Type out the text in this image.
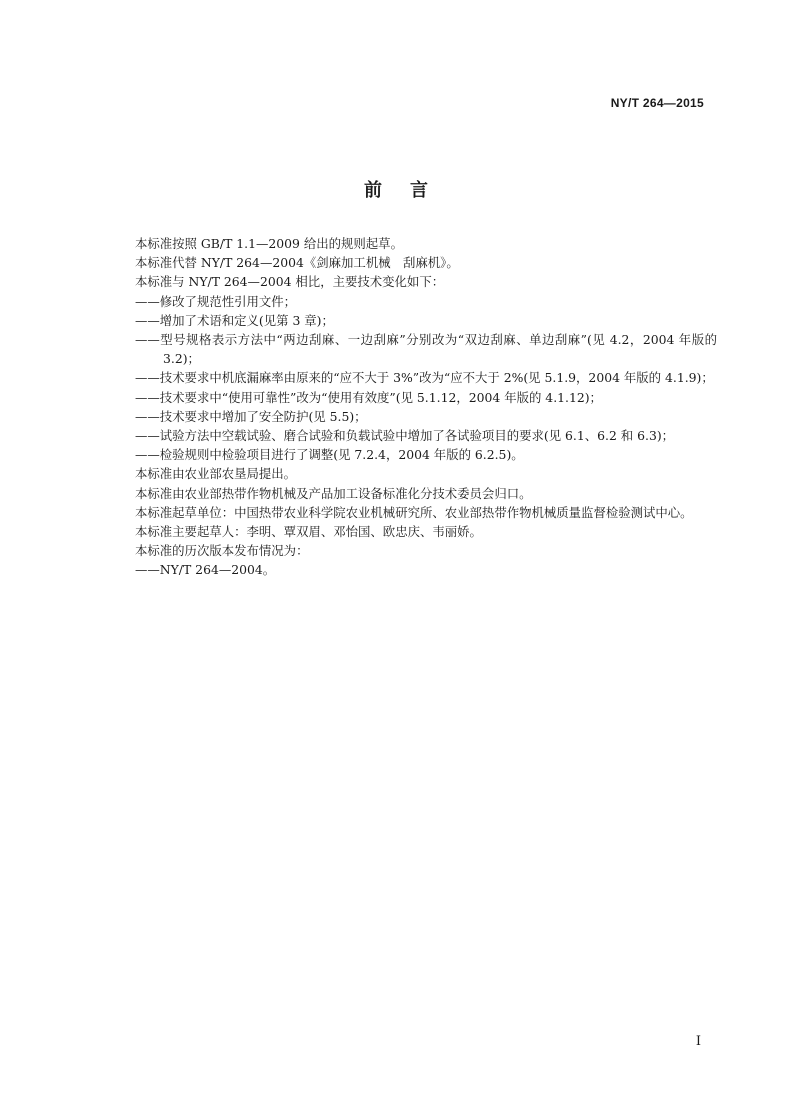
NY/T 264—2015
前言

本标准按照 GB/T 1.1—2009 给出的规则起草。

本标准代替 NY/T 264—2004《剑麻加工机械　刮麻机》。

本标准与 NY/T 264—2004 相比，主要技术变化如下：

——修改了规范性引用文件；

——增加了术语和定义(见第 3 章)；

——型号规格表示方法中“两边刮麻、一边刮麻”分别改为“双边刮麻、单边刮麻”(见 4.2，2004 年版的 3.2)；

——技术要求中机底漏麻率由原来的“应不大于 3%”改为“应不大于 2%(见 5.1.9，2004 年版的 4.1.9)；

——技术要求中“使用可靠性”改为“使用有效度”(见 5.1.12，2004 年版的 4.1.12)；

——技术要求中增加了安全防护(见 5.5)；

——试验方法中空载试验、磨合试验和负载试验中增加了各试验项目的要求(见 6.1、6.2 和 6.3)；

——检验规则中检验项目进行了调整(见 7.2.4，2004 年版的 6.2.5)。

本标准由农业部农垦局提出。

本标准由农业部热带作物机械及产品加工设备标准化分技术委员会归口。

本标准起草单位：中国热带农业科学院农业机械研究所、农业部热带作物机械质量监督检验测试中心。

本标准主要起草人：李明、覃双眉、邓怡国、欧忠庆、韦丽娇。

本标准的历次版本发布情况为：

——NY/T 264—2004。

I
